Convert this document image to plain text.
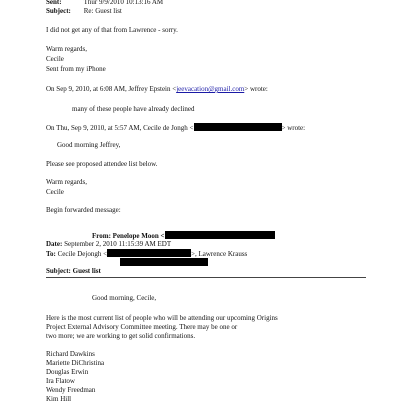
Sent:	Thur 9/9/2010 10:13:16 AM
Subject: Re: Guest list
I did not get any of that from Lawrence - sorry.
Warm regards,
Cecile
Sent from my iPhone
On Sep 9, 2010, at 6:08 AM, Jeffrey Epstein <jeevacation@gmail.com> wrote:
many of these people have already declined
On Thu, Sep 9, 2010, at 5:57 AM, Cecile de Jongh <	> wrote:
Good morning Jeffrey,
Please see proposed attendee list below.
Warm regards,
Cecile
Begin forwarded message:
From: Penelope Moon <
Date: September 2, 2010 11:15:39 AM EDT
To: Cecile Dejongh <	>, Lawrence Krauss
Subject: Guest list
Good morning, Cecile,
Here is the most current list of people who will be attending our upcoming Origins
Project External Advisory Committee meeting. There may be one or
two more; we are working to get solid confirmations.
Richard Dawkins
Mariette DiChristina
Douglas Erwin
Ira Flatow
Wendy Freedman
Kim Hill
